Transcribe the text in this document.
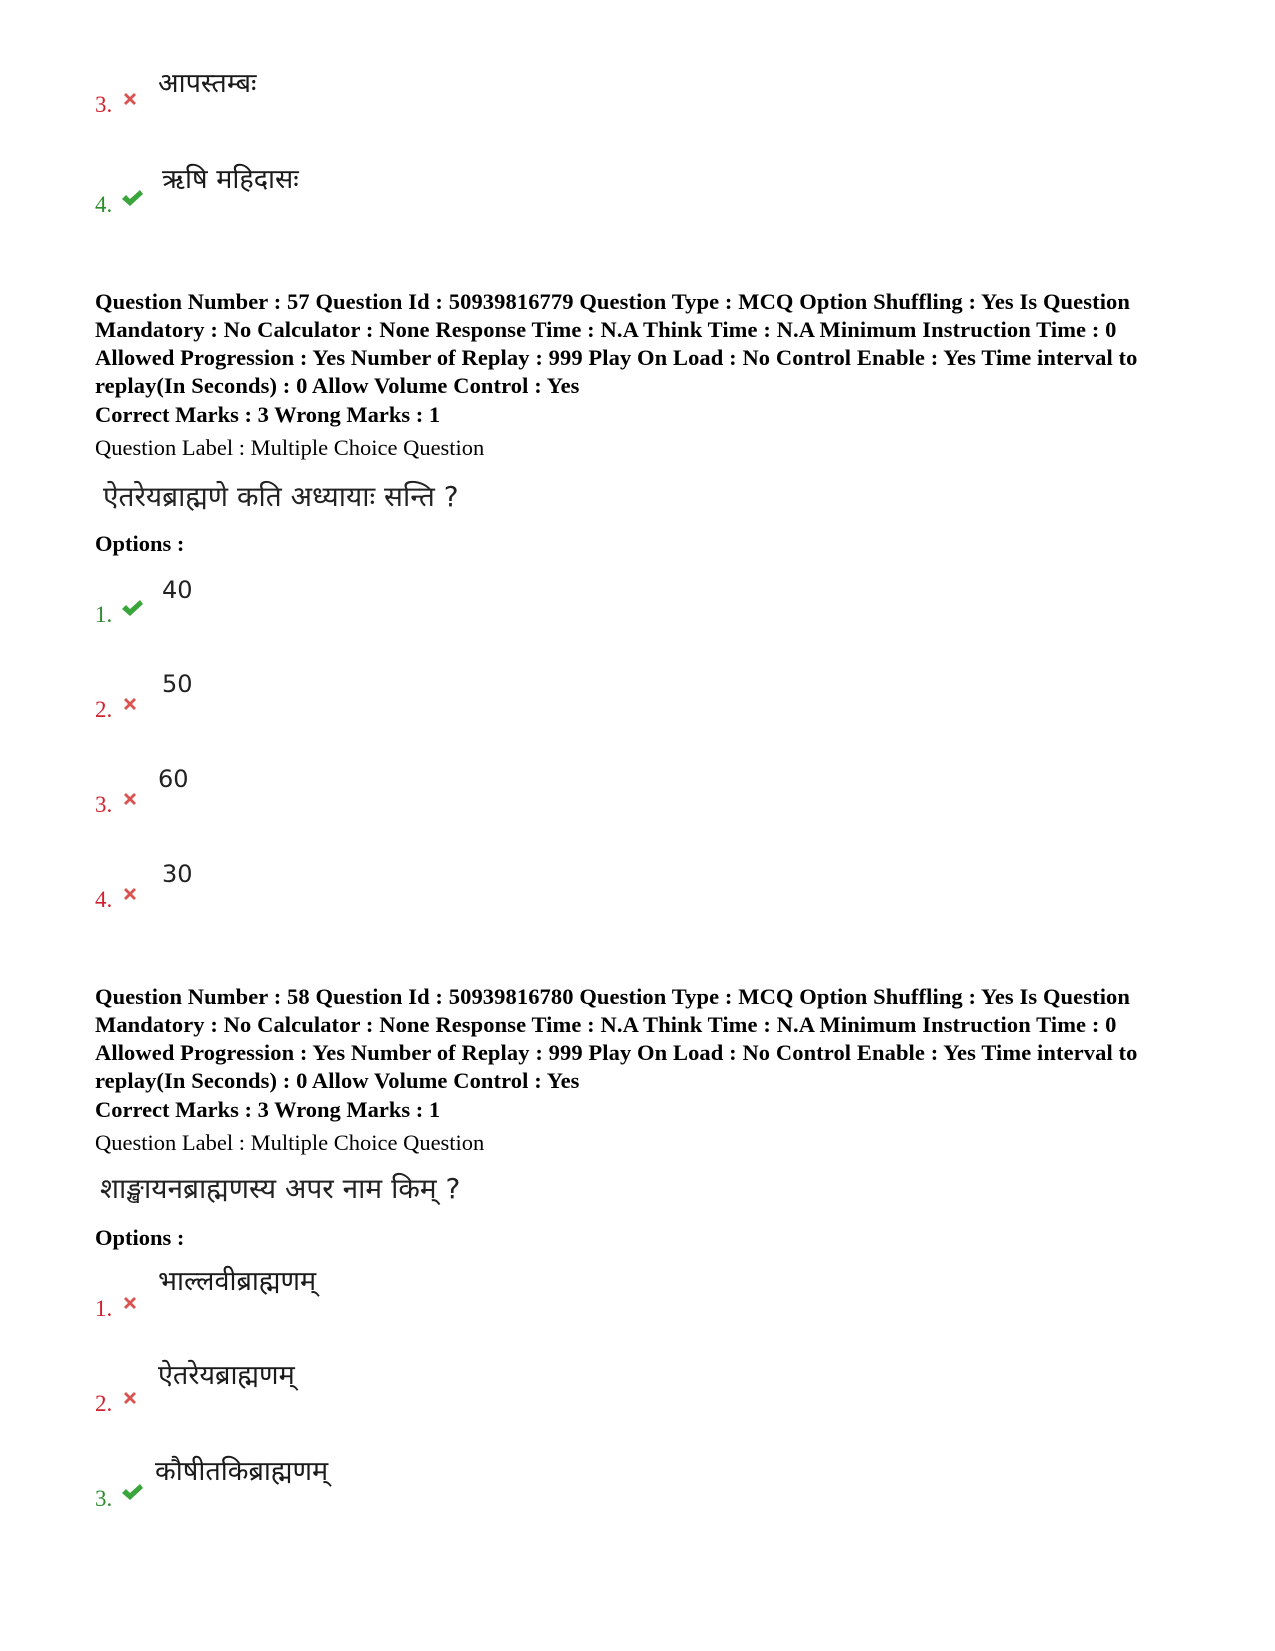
3.
आपस्तम्बः
4.
ऋषि महिदासः
Question Number : 57 Question Id : 50939816779 Question Type : MCQ Option Shuffling : Yes Is Question Mandatory : No Calculator : None Response Time : N.A Think Time : N.A Minimum Instruction Time : 0 Allowed Progression : Yes Number of Replay : 999 Play On Load : No Control Enable : Yes Time interval to replay(In Seconds) : 0 Allow Volume Control : Yes
Correct Marks : 3 Wrong Marks : 1
Question Label : Multiple Choice Question
ऐतरेयब्राह्मणे कति अध्यायाः सन्ति ?
Options :
1.
40
2.
50
3.
60
4.
30
Question Number : 58 Question Id : 50939816780 Question Type : MCQ Option Shuffling : Yes Is Question Mandatory : No Calculator : None Response Time : N.A Think Time : N.A Minimum Instruction Time : 0 Allowed Progression : Yes Number of Replay : 999 Play On Load : No Control Enable : Yes Time interval to replay(In Seconds) : 0 Allow Volume Control : Yes
Correct Marks : 3 Wrong Marks : 1
Question Label : Multiple Choice Question
शाङ्खायनब्राह्मणस्य अपर नाम किम् ?
Options :
1.
भाल्लवीब्राह्मणम्
2.
ऐतरेयब्राह्मणम्
3.
कौषीतकिब्राह्मणम्
